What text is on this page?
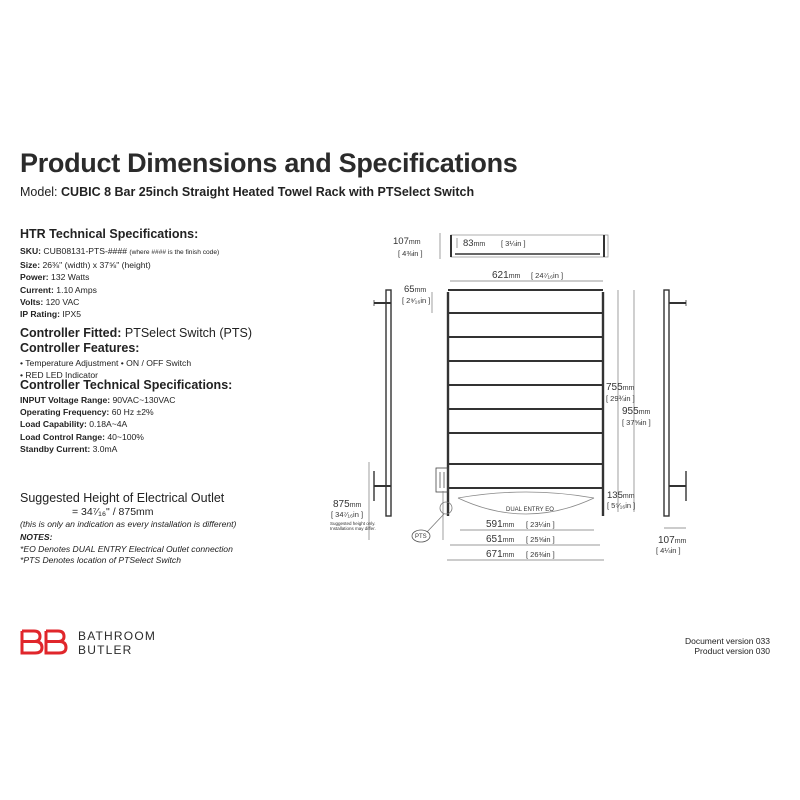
Product Dimensions and Specifications
Model: CUBIC 8 Bar 25inch Straight Heated Towel Rack with PTSelect Switch
HTR Technical Specifications:
SKU: CUB08131-PTS-#### (where #### is the finish code)
Size: 26⅜" (width) x 37⅝" (height)
Power: 132 Watts
Current: 1.10 Amps
Volts: 120 VAC
IP Rating: IPX5
Controller Fitted: PTSelect Switch (PTS)
Controller Features:
• Temperature Adjustment • ON / OFF Switch
• RED LED Indicator
Controller Technical Specifications:
INPUT Voltage Range: 90VAC~130VAC
Operating Frequency: 60 Hz ±2%
Load Capability: 0.18A~4A
Load Control Range: 40~100%
Standby Current: 3.0mA
Suggested Height of Electrical Outlet
= 34⁷⁄₁₆" / 875mm
(this is only an indication as every installation is different)
NOTES:
*EO Denotes DUAL ENTRY Electrical Outlet connection
*PTS Denotes location of PTSelect Switch
BATHROOM
BUTLER
Document version 033
Product version 030
107mm
[ 4⅜in ]
83mm [ 3¼in ]
621mm [ 24⁷⁄₁₆in ]
65mm
[ 2⁹⁄₁₆in ]
755mm
[ 29¾in ]
955mm
[ 37⅝in ]
135mm
[ 5⁵⁄₁₆in ]
875mm
[ 34⁷⁄₁₆in ]
Suggested height only.
Installations may differ.
DUAL ENTRY EO
PTS
591mm [ 23¼in ]
651mm [ 25⅝in ]
671mm [ 26⅜in ]
107mm
[ 4¼in ]
